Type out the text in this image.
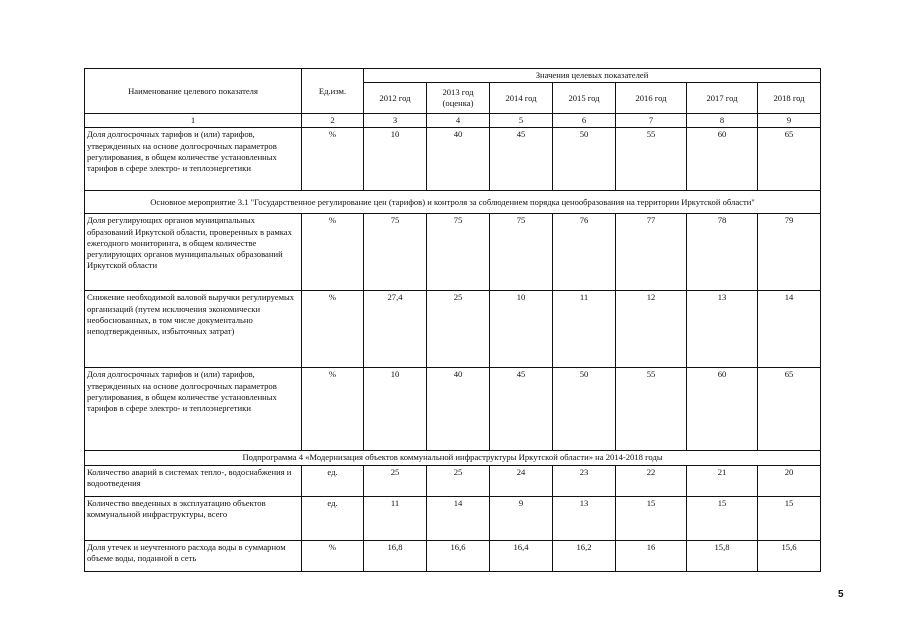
Наименование целевого показателя	Ед.изм.	Значения целевых показателей						
		2012 год	2013 год (оценка)	2014 год	2015 год	2016 год	2017 год	2018 год
1	2	3	4	5	6	7	8	9
Доля долгосрочных тарифов и (или) тарифов, утвержденных на основе долгосрочных параметров регулирования, в общем количестве установленных тарифов в сфере электро- и теплоэнергетики	%	10	40	45	50	55	60	65
Основное мероприятие 3.1 "Государственное регулирование цен (тарифов) и контроля за соблюдением порядка ценообразования на территории Иркутской области"								
Доля регулирующих органов муниципальных образований Иркутской области, проверенных в рамках ежегодного мониторинга, в общем количестве регулирующих органов муниципальных образований Иркутской области	%	75	75	75	76	77	78	79
Снижение необходимой валовой выручки регулируемых организаций (путем исключения экономически необоснованных, в том числе документально неподтвержденных, избыточных затрат)	%	27,4	25	10	11	12	13	14
Доля долгосрочных тарифов и (или) тарифов, утвержденных на основе долгосрочных параметров регулирования, в общем количестве установленных тарифов в сфере электро- и теплоэнергетики	%	10	40	45	50	55	60	65
Подпрограмма 4 «Модернизация объектов коммунальной инфраструктуры Иркутской области» на 2014-2018 годы								
Количество аварий в системах тепло-, водоснабжения и водоотведения	ед.	25	25	24	23	22	21	20
Количество введенных в эксплуатацию объектов коммунальной инфраструктуры, всего	ед.	11	14	9	13	15	15	15
Доля утечек и неучтенного расхода воды в суммарном объеме воды, поданной в сеть	%	16,8	16,6	16,4	16,2	16	15,8	15,6
5
